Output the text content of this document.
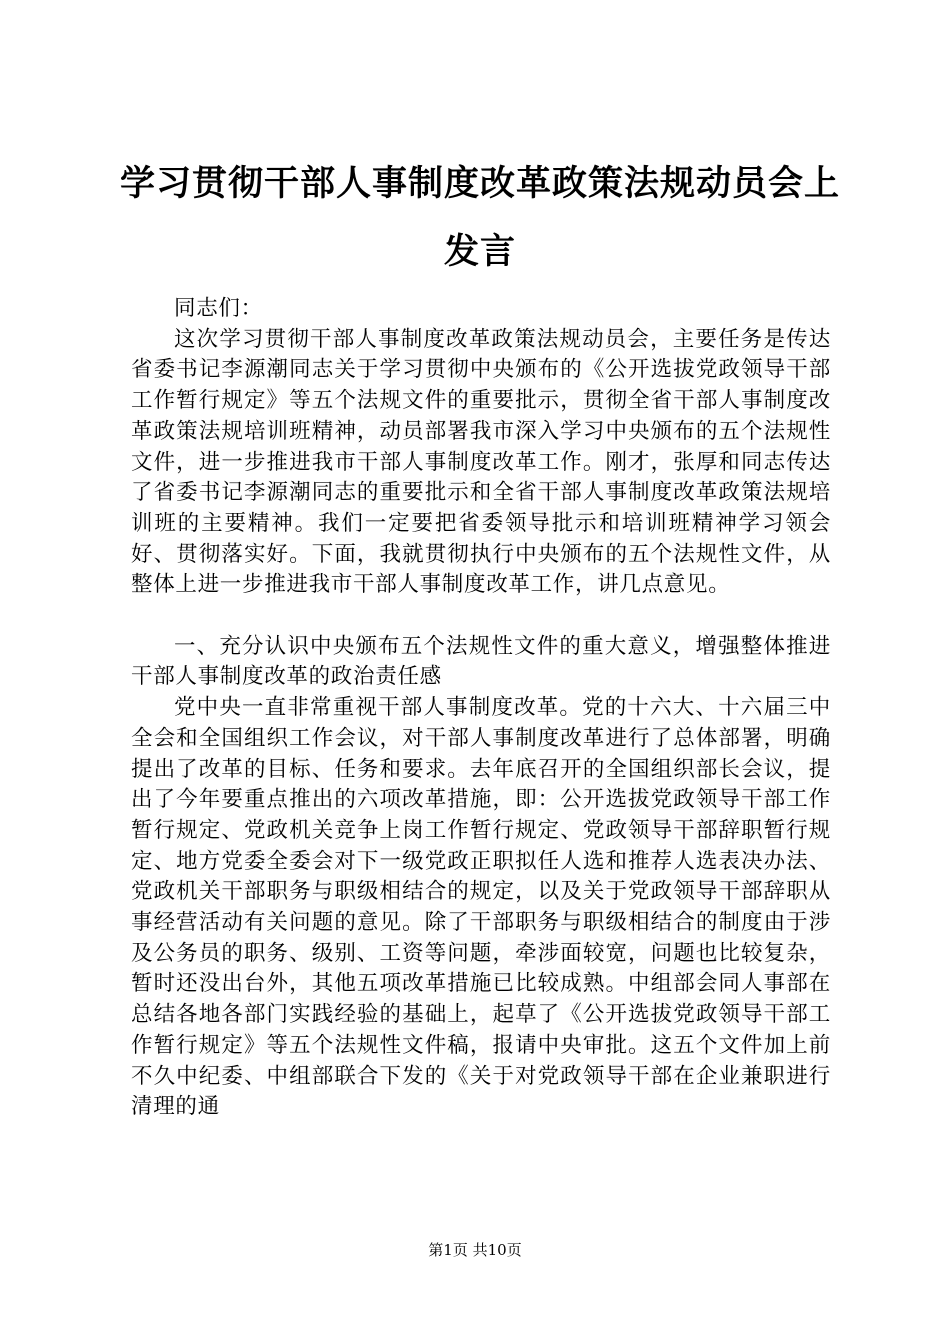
学习贯彻干部人事制度改革政策法规动员会上发言

同志们：

这次学习贯彻干部人事制度改革政策法规动员会，主要任务是传达省委书记李源潮同志关于学习贯彻中央颁布的《公开选拔党政领导干部工作暂行规定》等五个法规文件的重要批示，贯彻全省干部人事制度改革政策法规培训班精神，动员部署我市深入学习中央颁布的五个法规性文件，进一步推进我市干部人事制度改革工作。刚才，张厚和同志传达了省委书记李源潮同志的重要批示和全省干部人事制度改革政策法规培训班的主要精神。我们一定要把省委领导批示和培训班精神学习领会好、贯彻落实好。下面，我就贯彻执行中央颁布的五个法规性文件，从整体上进一步推进我市干部人事制度改革工作，讲几点意见。

一、充分认识中央颁布五个法规性文件的重大意义，增强整体推进干部人事制度改革的政治责任感

党中央一直非常重视干部人事制度改革。党的十六大、十六届三中全会和全国组织工作会议，对干部人事制度改革进行了总体部署，明确提出了改革的目标、任务和要求。去年底召开的全国组织部长会议，提出了今年要重点推出的六项改革措施，即：公开选拔党政领导干部工作暂行规定、党政机关竞争上岗工作暂行规定、党政领导干部辞职暂行规定、地方党委全委会对下一级党政正职拟任人选和推荐人选表决办法、党政机关干部职务与职级相结合的规定，以及关于党政领导干部辞职从事经营活动有关问题的意见。除了干部职务与职级相结合的制度由于涉及公务员的职务、级别、工资等问题，牵涉面较宽，问题也比较复杂，暂时还没出台外，其他五项改革措施已比较成熟。中组部会同人事部在总结各地各部门实践经验的基础上，起草了《公开选拔党政领导干部工作暂行规定》等五个法规性文件稿，报请中央审批。这五个文件加上前不久中纪委、中组部联合下发的《关于对党政领导干部在企业兼职进行清理的通

第1页 共10页
